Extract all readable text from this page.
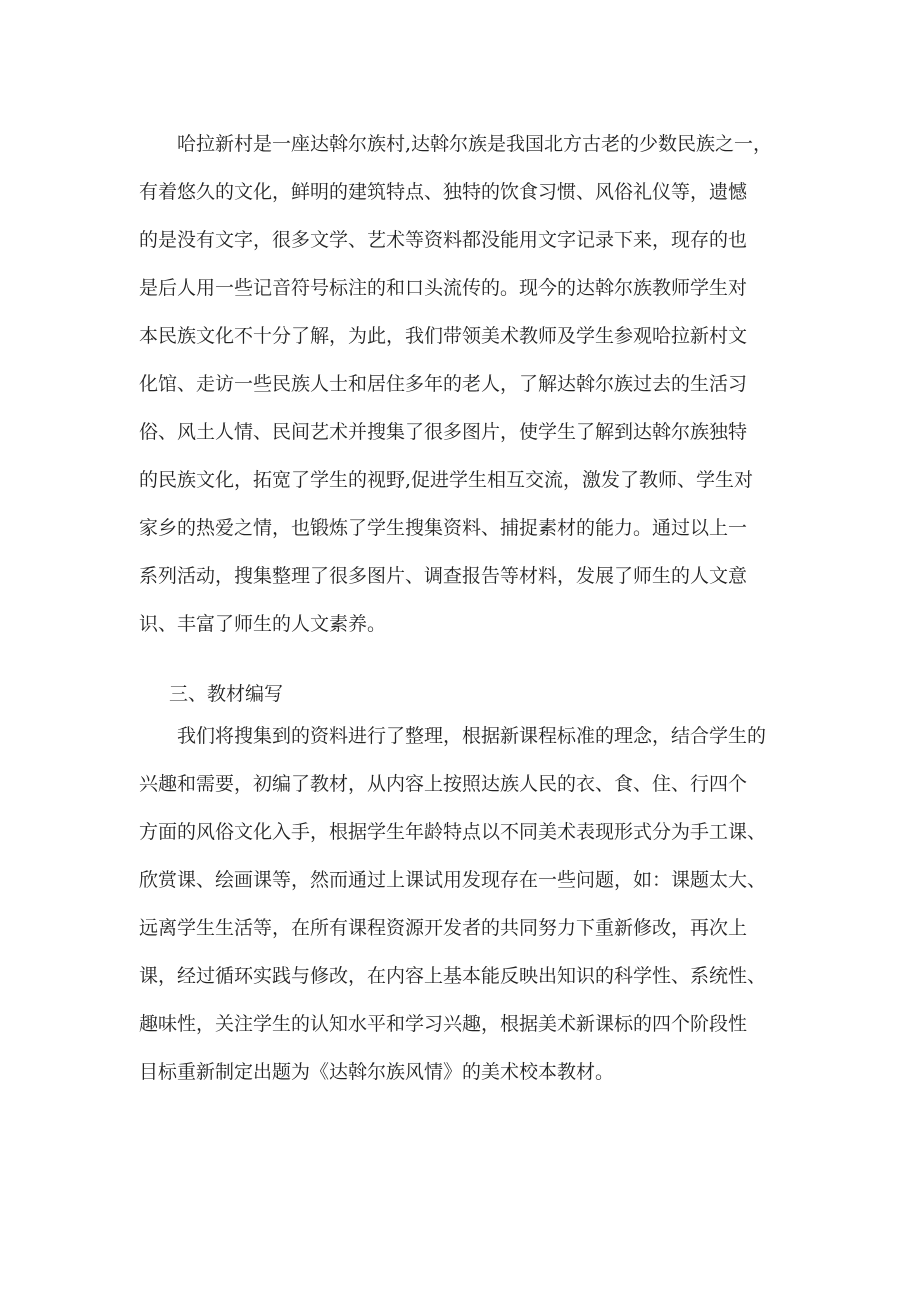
　　哈拉新村是一座达斡尔族村,达斡尔族是我国北方古老的少数民族之一，
有着悠久的文化，鲜明的建筑特点、独特的饮食习惯、风俗礼仪等，遗憾
的是没有文字，很多文学、艺术等资料都没能用文字记录下来，现存的也
是后人用一些记音符号标注的和口头流传的。现今的达斡尔族教师学生对
本民族文化不十分了解，为此，我们带领美术教师及学生参观哈拉新村文
化馆、走访一些民族人士和居住多年的老人，了解达斡尔族过去的生活习
俗、风土人情、民间艺术并搜集了很多图片，使学生了解到达斡尔族独特
的民族文化，拓宽了学生的视野,促进学生相互交流，激发了教师、学生对
家乡的热爱之情，也锻炼了学生搜集资料、捕捉素材的能力。通过以上一
系列活动，搜集整理了很多图片、调查报告等材料，发展了师生的人文意
识、丰富了师生的人文素养。

三、教材编写

　　我们将搜集到的资料进行了整理，根据新课程标准的理念，结合学生的
兴趣和需要，初编了教材，从内容上按照达族人民的衣、食、住、行四个
方面的风俗文化入手，根据学生年龄特点以不同美术表现形式分为手工课、
欣赏课、绘画课等，然而通过上课试用发现存在一些问题，如：课题太大、
远离学生生活等，在所有课程资源开发者的共同努力下重新修改，再次上
课，经过循环实践与修改，在内容上基本能反映出知识的科学性、系统性、
趣味性，关注学生的认知水平和学习兴趣，根据美术新课标的四个阶段性
目标重新制定出题为《达斡尔族风情》的美术校本教材。
